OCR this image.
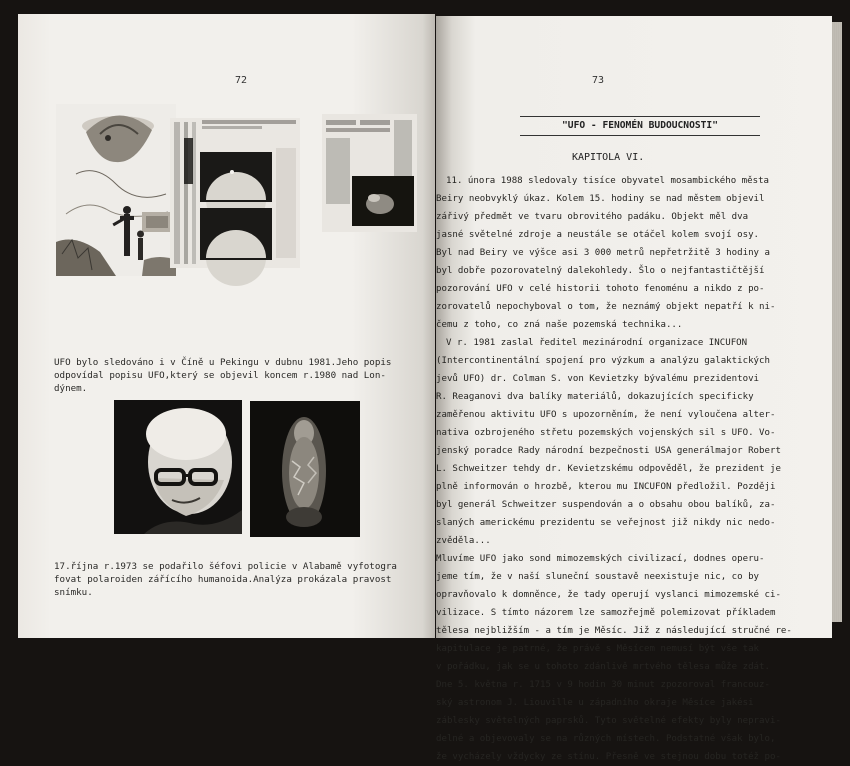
72
UFO bylo sledováno i v Číně u Pekingu v dubnu 1981.Jeho popis
odpovídal popisu UFO,který se objevil koncem r.1980 nad Lon-
dýnem.
17.října r.1973 se podařilo šéfovi policie v Alabamě vyfotogra
fovat polaroiden zářícího humanoida.Analýza prokázala pravost
snímku.
73
"UFO - FENOMÉN BUDOUCNOSTI"
KAPITOLA VI.
11. února 1988 sledovaly tisíce obyvatel mosambického města
Beiry neobvyklý úkaz. Kolem 15. hodiny se nad městem objevil
zářivý předmět ve tvaru obrovitého padáku. Objekt měl dva
jasné světelné zdroje a neustále se otáčel kolem svojí osy.
Byl nad Beiry ve výšce asi 3 000 metrů nepřetržitě 3 hodiny a
byl dobře pozorovatelný dalekohledy. Šlo o nejfantastičtější
pozorování UFO v celé historii tohoto fenoménu a nikdo z po-
zorovatelů nepochyboval o tom, že neznámý objekt nepatří k ni-
čemu z toho, co zná naše pozemská technika...
V r. 1981 zaslal ředitel mezinárodní organizace INCUFON
(Intercontinentální spojení pro výzkum a analýzu galaktických
jevů UFO) dr. Colman S. von Kevietzky bývalému prezidentovi
R. Reaganovi dva balíky materiálů, dokazujících specificky
zaměřenou aktivitu UFO s upozorněním, že není vyloučena alter-
nativa ozbrojeného střetu pozemských vojenských sil s UFO. Vo-
jenský poradce Rady národní bezpečnosti USA generálmajor Robert
L. Schweitzer tehdy dr. Kevietzskému odpověděl, že prezident je
plně informován o hrozbě, kterou mu INCUFON předložil. Později
byl generál Schweitzer suspendován a o obsahu obou balíků, za-
slaných americkému prezidentu se veřejnost již nikdy nic nedo-
zvěděla...
Mluvíme UFO jako sond mimozemských civilizací, dodnes operu-
jeme tím, že v naší sluneční soustavě neexistuje nic, co by
opravňovalo k domněnce, že tady operují vyslanci mimozemské ci-
vilizace. S tímto názorem lze samozřejmě polemizovat příkladem
tělesa nejbližším - a tím je Měsíc. Již z následující stručné re-
kapitulace je patrné, že právě s Měsícem nemusí být vše tak
v pořádku, jak se u tohoto zdánlivě mrtvého tělesa může zdát.
Dne 5. května r. 1715 v 9 hodin 30 minut zpozoroval francouz-
ský astronom J. Liouville u západního okraje Měsíce jakési
záblesky světelných paprsků. Tyto světelné efekty byly nepravi-
delné a objevovaly se na různých místech. Podstatné však bylo,
že vycházely vždycky ze stínu. Přesně ve stejnou dobu totéž po-
